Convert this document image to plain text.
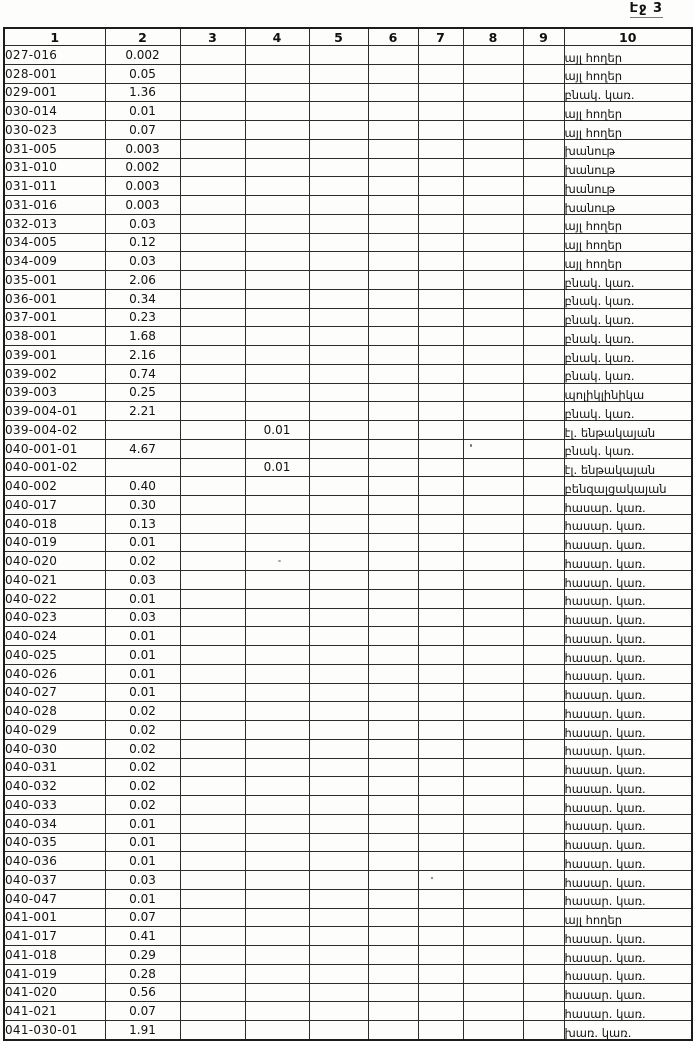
Էջ 3
1	2	3	4	5	6	7	8	9	10
027-016	0.002								այլ հողեր
028-001	0.05								այլ հողեր
029-001	1.36								բնակ. կառ.
030-014	0.01								այլ հողեր
030-023	0.07								այլ հողեր
031-005	0.003								խանութ
031-010	0.002								խանութ
031-011	0.003								խանութ
031-016	0.003								խանութ
032-013	0.03								այլ հողեր
034-005	0.12								այլ հողեր
034-009	0.03								այլ հողեր
035-001	2.06								բնակ. կառ.
036-001	0.34								բնակ. կառ.
037-001	0.23								բնակ. կառ.
038-001	1.68								բնակ. կառ.
039-001	2.16								բնակ. կառ.
039-002	0.74								բնակ. կառ.
039-003	0.25								պոլիկլինիկա
039-004-01	2.21								բնակ. կառ.
039-004-02			0.01						էլ. ենթակայան
040-001-01	4.67								բնակ. կառ.
040-001-02			0.01						էլ. ենթակայան
040-002	0.40								բենզալցակայան
040-017	0.30								հասար. կառ.
040-018	0.13								հասար. կառ.
040-019	0.01								հասար. կառ.
040-020	0.02								հասար. կառ.
040-021	0.03								հասար. կառ.
040-022	0.01								հասար. կառ.
040-023	0.03								հասար. կառ.
040-024	0.01								հասար. կառ.
040-025	0.01								հասար. կառ.
040-026	0.01								հասար. կառ.
040-027	0.01								հասար. կառ.
040-028	0.02								հասար. կառ.
040-029	0.02								հասար. կառ.
040-030	0.02								հասար. կառ.
040-031	0.02								հասար. կառ.
040-032	0.02								հասար. կառ.
040-033	0.02								հասար. կառ.
040-034	0.01								հասար. կառ.
040-035	0.01								հասար. կառ.
040-036	0.01								հասար. կառ.
040-037	0.03								հասար. կառ.
040-047	0.01								հասար. կառ.
041-001	0.07								այլ հողեր
041-017	0.41								հասար. կառ.
041-018	0.29								հասար. կառ.
041-019	0.28								հասար. կառ.
041-020	0.56								հասար. կառ.
041-021	0.07								հասար. կառ.
041-030-01	1.91								խառ. կառ.
